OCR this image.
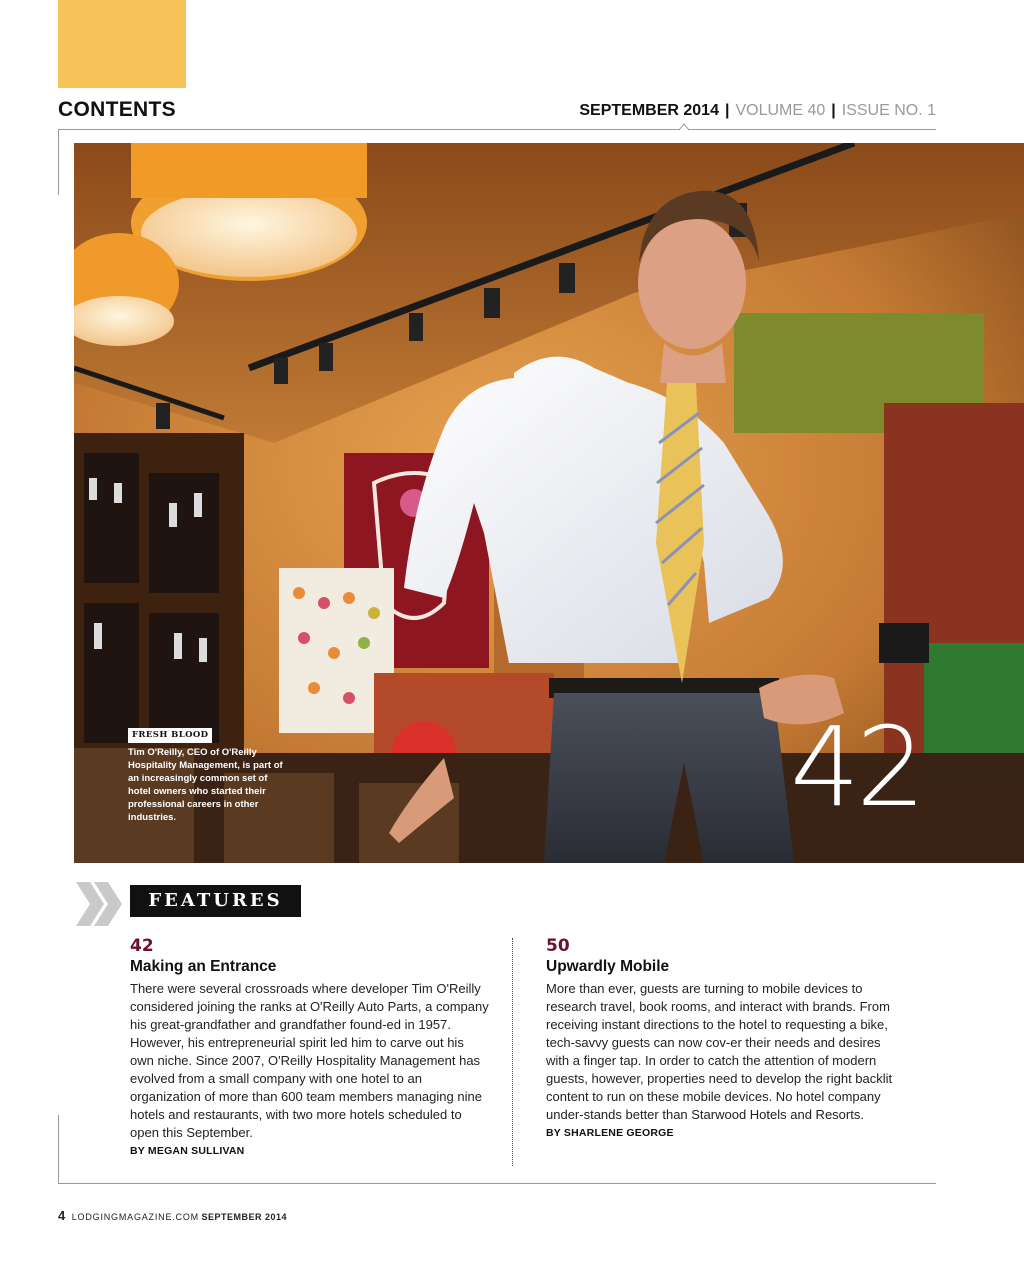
CONTENTS	SEPTEMBER 2014 | VOLUME 40 | ISSUE NO. 1
FRESH BLOOD
Tim O'Reilly, CEO of O'Reilly Hospitality Management, is part of an increasingly common set of hotel owners who started their professional careers in other industries.	42
FEATURES
42
Making an Entrance
There were several crossroads where developer Tim O'Reilly considered joining the ranks at O'Reilly Auto Parts, a company his great-grandfather and grandfather found-ed in 1957. However, his entrepreneurial spirit led him to carve out his own niche. Since 2007, O'Reilly Hospitality Management has evolved from a small company with one hotel to an organization of more than 600 team members managing nine hotels and restaurants, with two more hotels scheduled to open this September.
BY MEGAN SULLIVAN
50
Upwardly Mobile
More than ever, guests are turning to mobile devices to research travel, book rooms, and interact with brands. From receiving instant directions to the hotel to requesting a bike, tech-savvy guests can now cov-er their needs and desires with a finger tap. In order to catch the attention of modern guests, however, properties need to develop the right backlit content to run on these mobile devices. No hotel company under-stands better than Starwood Hotels and Resorts.
BY SHARLENE GEORGE
4 LODGINGMAGAZINE.COM SEPTEMBER 2014
